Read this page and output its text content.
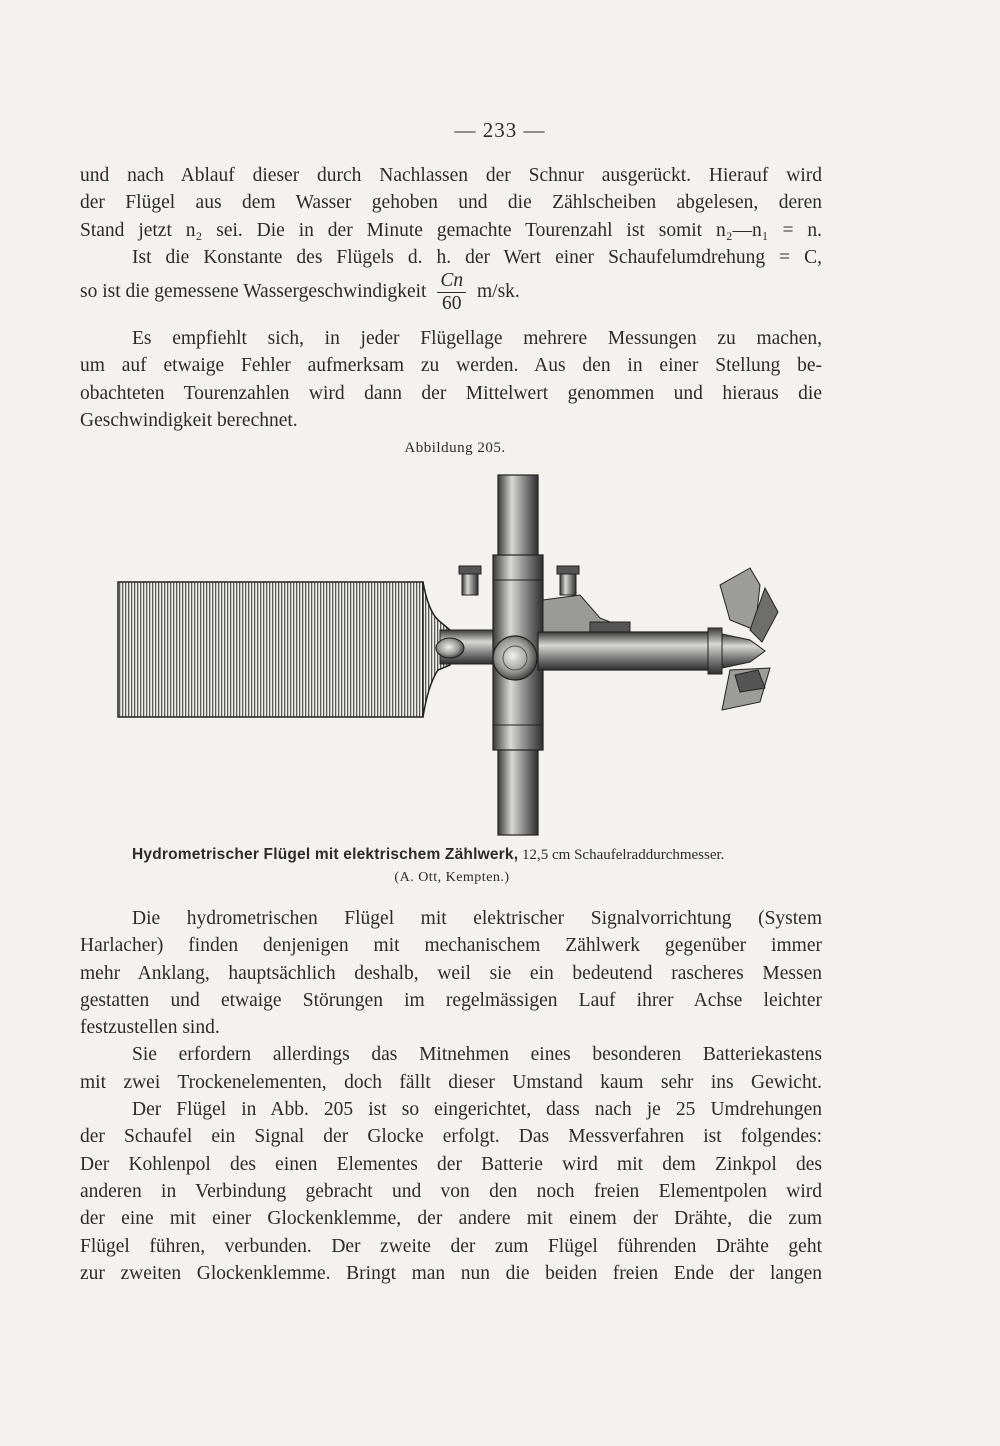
— 233 —
und nach Ablauf dieser durch Nachlassen der Schnur ausgerückt. Hierauf wird
der Flügel aus dem Wasser gehoben und die Zählscheiben abgelesen, deren
Stand jetzt n₂ sei. Die in der Minute gemachte Tourenzahl ist somit n₂—n₁ = n.
Ist die Konstante des Flügels d. h. der Wert einer Schaufelumdrehung = C,
so ist die gemessene Wassergeschwindigkeit $\frac{Cn}{60} m/sk$.
Es empfiehlt sich, in jeder Flügellage mehrere Messungen zu machen,
um auf etwaige Fehler aufmerksam zu werden. Aus den in einer Stellung be-
obachteten Tourenzahlen wird dann der Mittelwert genommen und hieraus die
Geschwindigkeit berechnet.
Abbildung 205.
Hydrometrischer Flügel mit elektrischem Zählwerk, 12,5 cm Schaufelraddurchmesser.
(A. Ott, Kempten.)
Die hydrometrischen Flügel mit elektrischer Signalvorrichtung (System
Harlacher) finden denjenigen mit mechanischem Zählwerk gegenüber immer
mehr Anklang, hauptsächlich deshalb, weil sie ein bedeutend rascheres Messen
gestatten und etwaige Störungen im regelmässigen Lauf ihrer Achse leichter
festzustellen sind.
Sie erfordern allerdings das Mitnehmen eines besonderen Batteriekastens
mit zwei Trockenelementen, doch fällt dieser Umstand kaum sehr ins Gewicht.
Der Flügel in Abb. 205 ist so eingerichtet, dass nach je 25 Umdrehungen
der Schaufel ein Signal der Glocke erfolgt. Das Messverfahren ist folgendes:
Der Kohlenpol des einen Elementes der Batterie wird mit dem Zinkpol des
anderen in Verbindung gebracht und von den noch freien Elementpolen wird
der eine mit einer Glockenklemme, der andere mit einem der Drähte, die zum
Flügel führen, verbunden. Der zweite der zum Flügel führenden Drähte geht
zur zweiten Glockenklemme. Bringt man nun die beiden freien Ende der langen
